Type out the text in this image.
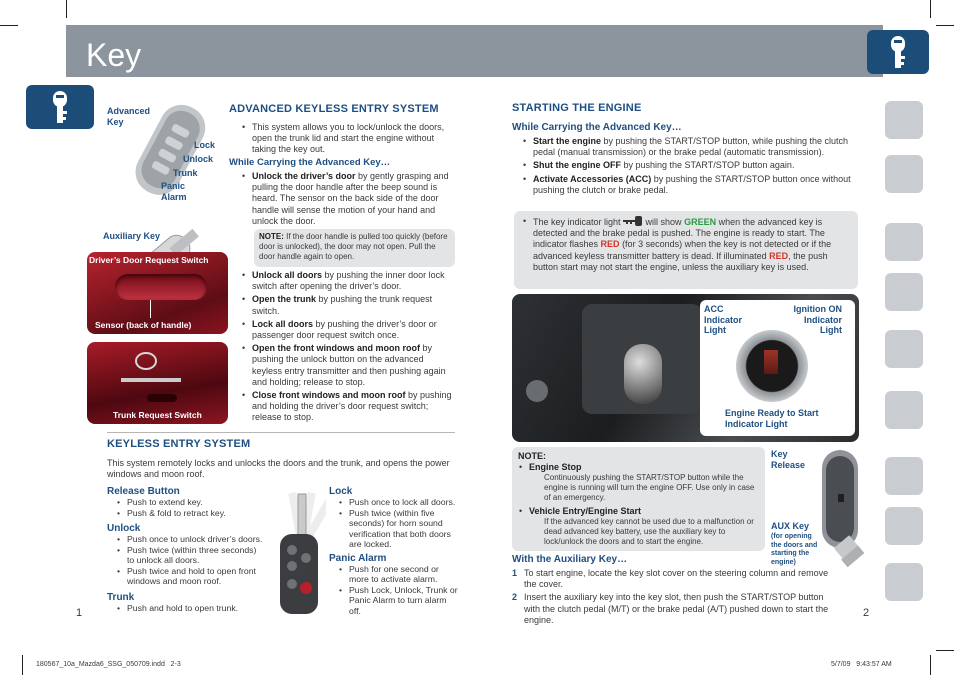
Key
Advanced Key
Lock
Unlock
Trunk
Panic Alarm
Auxiliary Key
Driver’s Door Request Switch
Sensor (back of handle)
Trunk Request Switch
ADVANCED KEYLESS ENTRY SYSTEM
• This system allows you to lock/unlock the doors, open the trunk lid and start the engine without taking the key out.
While Carrying the Advanced Key…
• Unlock the driver’s door by gently grasping and pulling the door handle after the beep sound is heard. The sensor on the back side of the door handle will sense the motion of your hand and unlock the door.
NOTE: If the door handle is pulled too quickly (before door is unlocked), the door may not open. Pull the door handle again to open.
• Unlock all doors by pushing the inner door lock switch after opening the driver’s door.
• Open the trunk by pushing the trunk request switch.
• Lock all doors by pushing the driver’s door or passenger door request switch once.
• Open the front windows and moon roof by pushing the unlock button on the advanced keyless entry transmitter and then pushing again and holding; release to stop.
• Close front windows and moon roof by pushing and holding the driver’s door request switch; release to stop.
KEYLESS ENTRY SYSTEM
This system remotely locks and unlocks the doors and the trunk, and opens the power windows and moon roof.
Release Button
• Push to extend key.
• Push & fold to retract key.
Unlock
• Push once to unlock driver’s doors.
• Push twice (within three seconds) to unlock all doors.
• Push twice and hold to open front windows and moon roof.
Trunk
• Push and hold to open trunk.
Lock
• Push once to lock all doors.
• Push twice (within five seconds) for horn sound verification that both doors are locked.
Panic Alarm
• Push for one second or more to activate alarm.
• Push Lock, Unlock, Trunk or Panic Alarm to turn alarm off.
1
STARTING THE ENGINE
While Carrying the Advanced Key…
• Start the engine by pushing the START/STOP button, while pushing the clutch pedal (manual transmission) or the brake pedal (automatic transmission).
• Shut the engine OFF by pushing the START/STOP button again.
• Activate Accessories (ACC) by pushing the START/STOP button once without pushing the clutch or brake pedal.
• The key indicator light  will show GREEN when the advanced key is detected and the brake pedal is pushed. The engine is ready to start. The indicator flashes RED (for 3 seconds) when the key is not detected or if the advanced keyless transmitter battery is dead. If illuminated RED, the push button start may not start the engine, unless the auxiliary key is used.
ACC Indicator Light
Ignition ON Indicator Light
Engine Ready to Start Indicator Light
NOTE:
• Engine Stop
Continuously pushing the START/STOP button while the engine is running will turn the engine OFF. Use only in case of an emergency.
• Vehicle Entry/Engine Start
If the advanced key cannot be used due to a malfunction or dead advanced key battery, use the auxiliary key to lock/unlock the doors and to start the engine.
Key Release
AUX Key
(for opening the doors and starting the engine)
With the Auxiliary Key…
1 To start engine, locate the key slot cover on the steering column and remove the cover.
2 Insert the auxiliary key into the key slot, then push the START/STOP button with the clutch pedal (M/T) or the brake pedal (A/T) pushed down to start the engine.
2
180567_10a_Mazda6_SSG_050709.indd   2-3	5/7/09   9:43:57 AM
